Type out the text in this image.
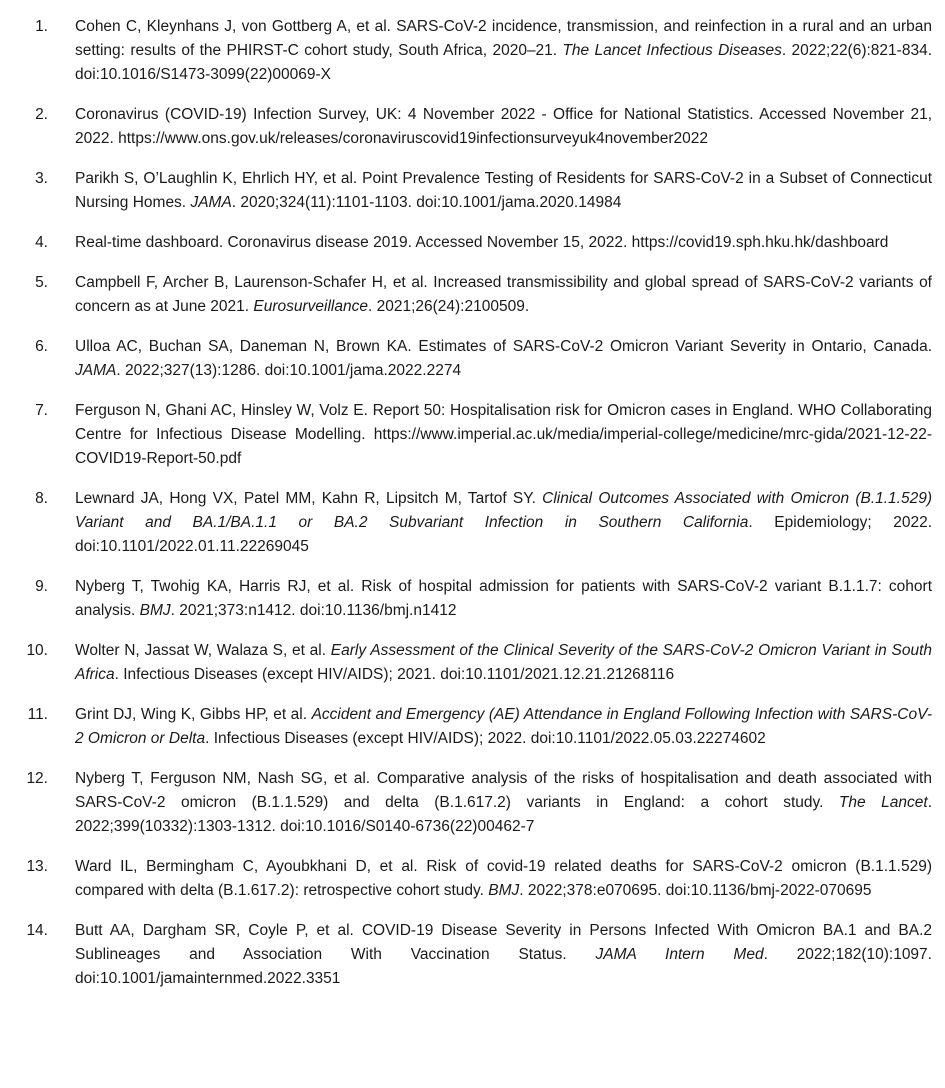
1. Cohen C, Kleynhans J, von Gottberg A, et al. SARS-CoV-2 incidence, transmission, and reinfection in a rural and an urban setting: results of the PHIRST-C cohort study, South Africa, 2020–21. The Lancet Infectious Diseases. 2022;22(6):821-834. doi:10.1016/S1473-3099(22)00069-X
2. Coronavirus (COVID-19) Infection Survey, UK: 4 November 2022 - Office for National Statistics. Accessed November 21, 2022. https://www.ons.gov.uk/releases/coronaviruscovid19infectionsurveyuk4november2022
3. Parikh S, O’Laughlin K, Ehrlich HY, et al. Point Prevalence Testing of Residents for SARS-CoV-2 in a Subset of Connecticut Nursing Homes. JAMA. 2020;324(11):1101-1103. doi:10.1001/jama.2020.14984
4. Real-time dashboard. Coronavirus disease 2019. Accessed November 15, 2022. https://covid19.sph.hku.hk/dashboard
5. Campbell F, Archer B, Laurenson-Schafer H, et al. Increased transmissibility and global spread of SARS-CoV-2 variants of concern as at June 2021. Eurosurveillance. 2021;26(24):2100509.
6. Ulloa AC, Buchan SA, Daneman N, Brown KA. Estimates of SARS-CoV-2 Omicron Variant Severity in Ontario, Canada. JAMA. 2022;327(13):1286. doi:10.1001/jama.2022.2274
7. Ferguson N, Ghani AC, Hinsley W, Volz E. Report 50: Hospitalisation risk for Omicron cases in England. WHO Collaborating Centre for Infectious Disease Modelling. https://www.imperial.ac.uk/media/imperial-college/medicine/mrc-gida/2021-12-22-COVID19-Report-50.pdf
8. Lewnard JA, Hong VX, Patel MM, Kahn R, Lipsitch M, Tartof SY. Clinical Outcomes Associated with Omicron (B.1.1.529) Variant and BA.1/BA.1.1 or BA.2 Subvariant Infection in Southern California. Epidemiology; 2022. doi:10.1101/2022.01.11.22269045
9. Nyberg T, Twohig KA, Harris RJ, et al. Risk of hospital admission for patients with SARS-CoV-2 variant B.1.1.7: cohort analysis. BMJ. 2021;373:n1412. doi:10.1136/bmj.n1412
10. Wolter N, Jassat W, Walaza S, et al. Early Assessment of the Clinical Severity of the SARS-CoV-2 Omicron Variant in South Africa. Infectious Diseases (except HIV/AIDS); 2021. doi:10.1101/2021.12.21.21268116
11. Grint DJ, Wing K, Gibbs HP, et al. Accident and Emergency (AE) Attendance in England Following Infection with SARS-CoV-2 Omicron or Delta. Infectious Diseases (except HIV/AIDS); 2022. doi:10.1101/2022.05.03.22274602
12. Nyberg T, Ferguson NM, Nash SG, et al. Comparative analysis of the risks of hospitalisation and death associated with SARS-CoV-2 omicron (B.1.1.529) and delta (B.1.617.2) variants in England: a cohort study. The Lancet. 2022;399(10332):1303-1312. doi:10.1016/S0140-6736(22)00462-7
13. Ward IL, Bermingham C, Ayoubkhani D, et al. Risk of covid-19 related deaths for SARS-CoV-2 omicron (B.1.1.529) compared with delta (B.1.617.2): retrospective cohort study. BMJ. 2022;378:e070695. doi:10.1136/bmj-2022-070695
14. Butt AA, Dargham SR, Coyle P, et al. COVID-19 Disease Severity in Persons Infected With Omicron BA.1 and BA.2 Sublineages and Association With Vaccination Status. JAMA Intern Med. 2022;182(10):1097. doi:10.1001/jamainternmed.2022.3351
